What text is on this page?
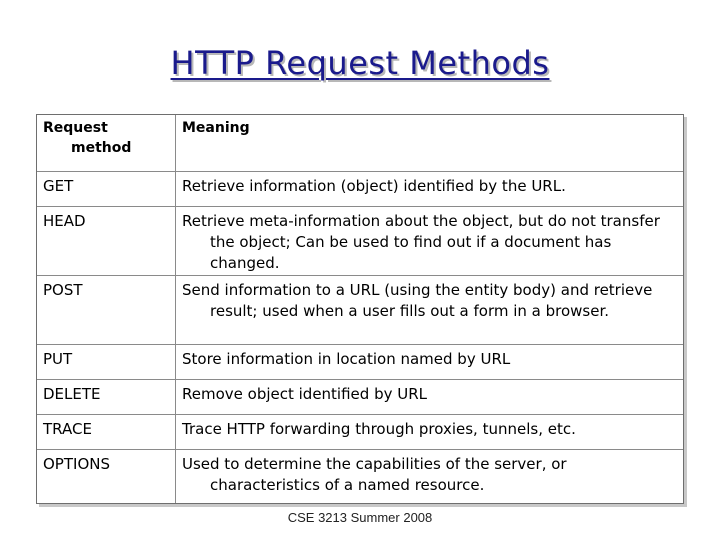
HTTP Request Methods
Request
method	Meaning
GET	Retrieve information (object) identified by the URL.

HEAD	Retrieve meta-information about the object, but do not transfer the object; Can be used to find out if a document has changed.

POST	Send information to a URL (using the entity body) and retrieve result; used when a user fills out a form in a browser.

PUT	Store information in location named by URL

DELETE	Remove object identified by URL

TRACE	Trace HTTP forwarding through proxies, tunnels, etc.

OPTIONS	Used to determine the capabilities of the server, or characteristics of a named resource.
CSE 3213 Summer 2008
